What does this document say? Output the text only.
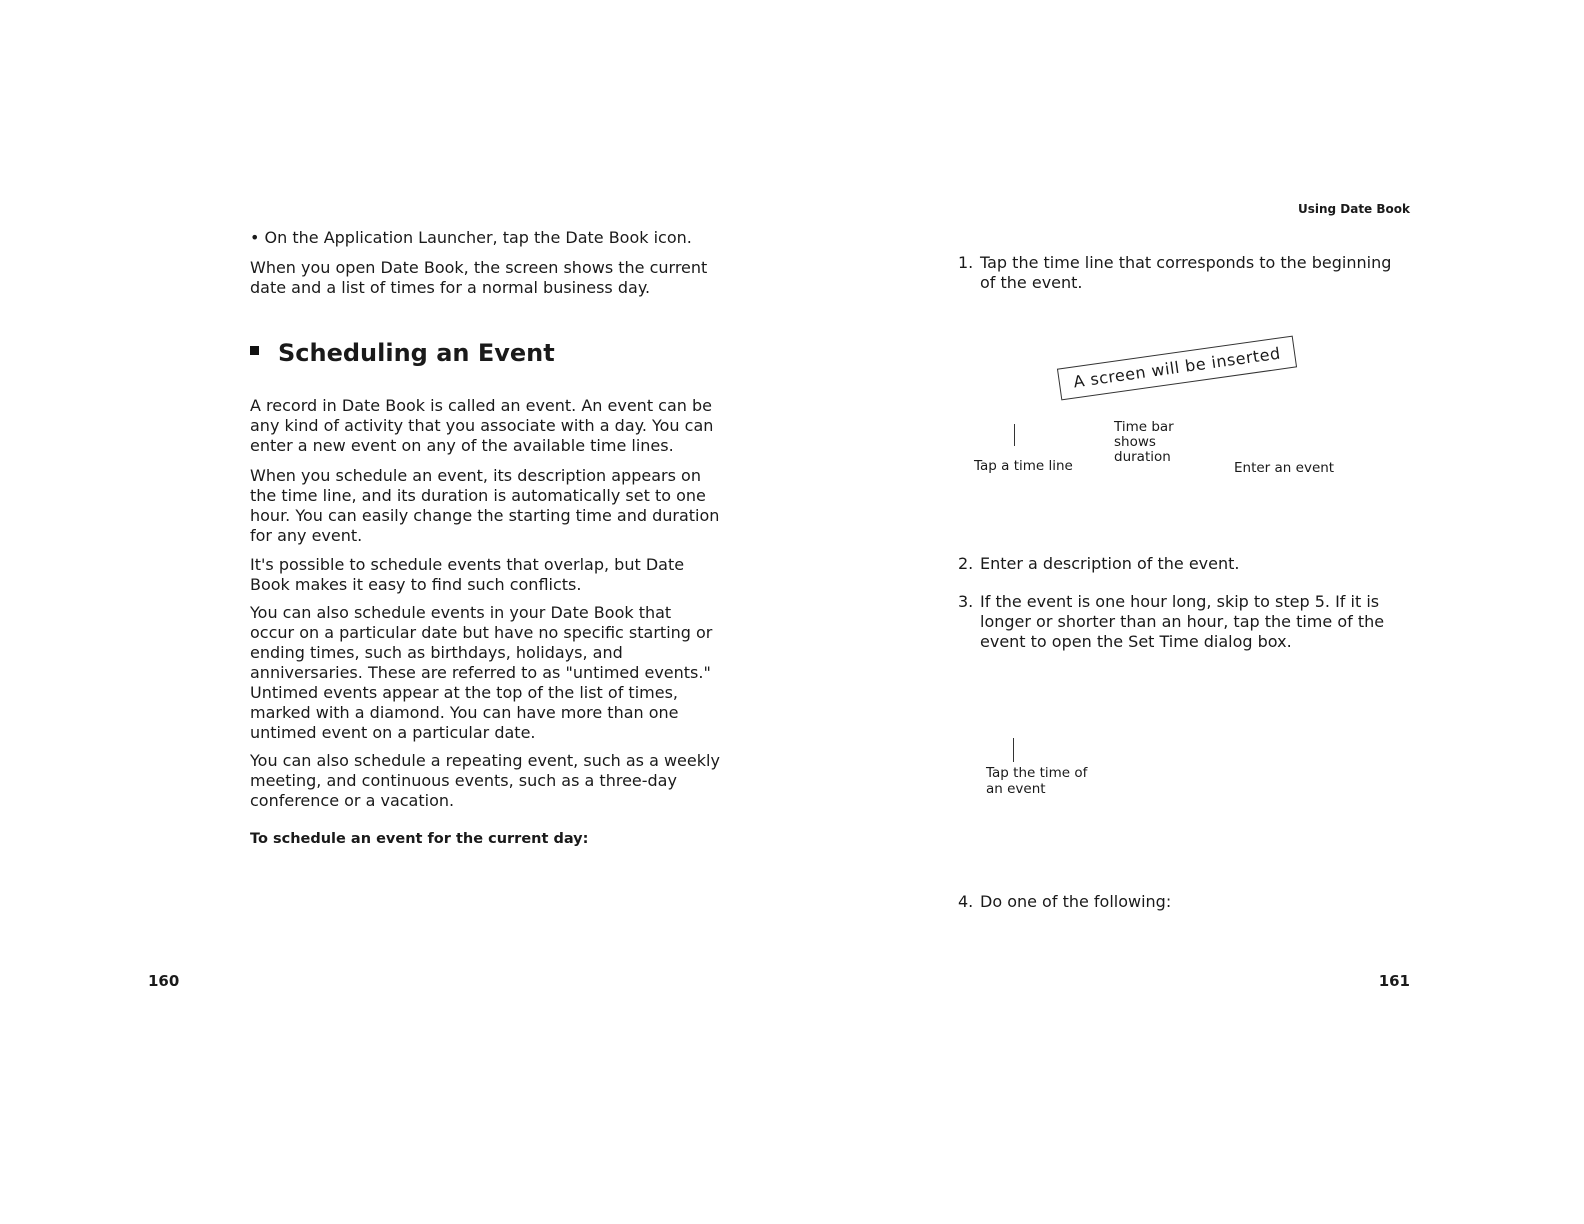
• On the Application Launcher, tap the Date Book icon.

When you open Date Book, the screen shows the current date and a list of times for a normal business day.

Scheduling an Event

A record in Date Book is called an event. An event can be any kind of activity that you associate with a day. You can enter a new event on any of the available time lines.

When you schedule an event, its description appears on the time line, and its duration is automatically set to one hour. You can easily change the starting time and duration for any event.

It's possible to schedule events that overlap, but Date Book makes it easy to find such conflicts.

You can also schedule events in your Date Book that occur on a particular date but have no specific starting or ending times, such as birthdays, holidays, and anniversaries. These are referred to as "untimed events." Untimed events appear at the top of the list of times, marked with a diamond. You can have more than one untimed event on a particular date.

You can also schedule a repeating event, such as a weekly meeting, and continuous events, such as a three-day conference or a vacation.

To schedule an event for the current day:

160
Using Date Book
1. Tap the time line that corresponds to the beginning of the event.
A screen will be inserted
Tap a time line
Time bar
shows
duration
Enter an event
2. Enter a description of the event.
3. If the event is one hour long, skip to step 5. If it is longer or shorter than an hour, tap the time of the event to open the Set Time dialog box.
Tap the time of
an event
4. Do one of the following:
161
